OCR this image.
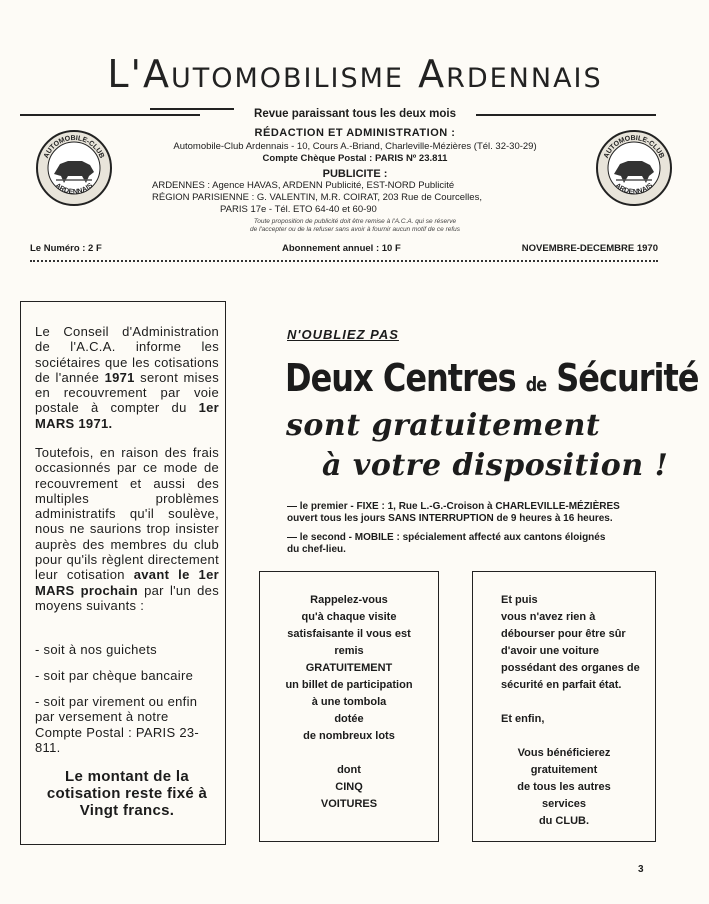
L'Automobilisme Ardennais
Revue paraissant tous les deux mois
RÉDACTION ET ADMINISTRATION :
Automobile-Club Ardennais - 10, Cours A.-Briand, Charleville-Mézières (Tél. 32-30-29)
Compte Chèque Postal : PARIS Nº 23.811
PUBLICITE :
ARDENNES : Agence HAVAS, ARDENN Publicité, EST-NORD Publicité
RÉGION PARISIENNE : G. VALENTIN, M.R. COIRAT, 203 Rue de Courcelles,
PARIS 17e - Tél. ETO 64-40 et 60-90
Toute proposition de publicité doit être remise à l'A.C.A. qui se réserve
de l'accepter ou de la refuser sans avoir à fournir aucun motif de ce refus
AUTOMOBILE-CLUB
ARDENNAIS
AUTOMOBILE-CLUB
ARDENNAIS
Le Numéro : 2 F	Abonnement annuel : 10 F	NOVEMBRE-DECEMBRE 1970
Le Conseil d'Administration de l'A.C.A. informe les sociétaires que les cotisations de l'année 1971 seront mises en recouvrement par voie postale à compter du 1er MARS 1971.
Toutefois, en raison des frais occasionnés par ce mode de recouvrement et aussi des multiples problèmes administratifs qu'il soulève, nous ne saurions trop insister auprès des membres du club pour qu'ils règlent directement leur cotisation avant le 1er MARS prochain par l'un des moyens suivants :
- soit à nos guichets
- soit par chèque bancaire
- soit par virement ou enfin par versement à notre Compte Postal : PARIS 23-811.
Le montant de la cotisation reste fixé à Vingt francs.
N'OUBLIEZ PAS
Deux Centres de Sécurité
sont gratuitement
à votre disposition !
— le premier - FIXE : 1, Rue L.-G.-Croison à CHARLEVILLE-MÉZIÈRES
ouvert tous les jours SANS INTERRUPTION de 9 heures à 16 heures.
— le second - MOBILE : spécialement affecté aux cantons éloignés
du chef-lieu.
Rappelez-vous
qu'à chaque visite
satisfaisante il vous est
remis
GRATUITEMENT
un billet de participation
à une tombola
dotée
de nombreux lots
dont
CINQ
VOITURES
Et puis
vous n'avez rien à
débourser pour être sûr
d'avoir une voiture
possédant des organes de
sécurité en parfait état.
Et enfin,
Vous bénéficierez
gratuitement
de tous les autres
services
du CLUB.
3
